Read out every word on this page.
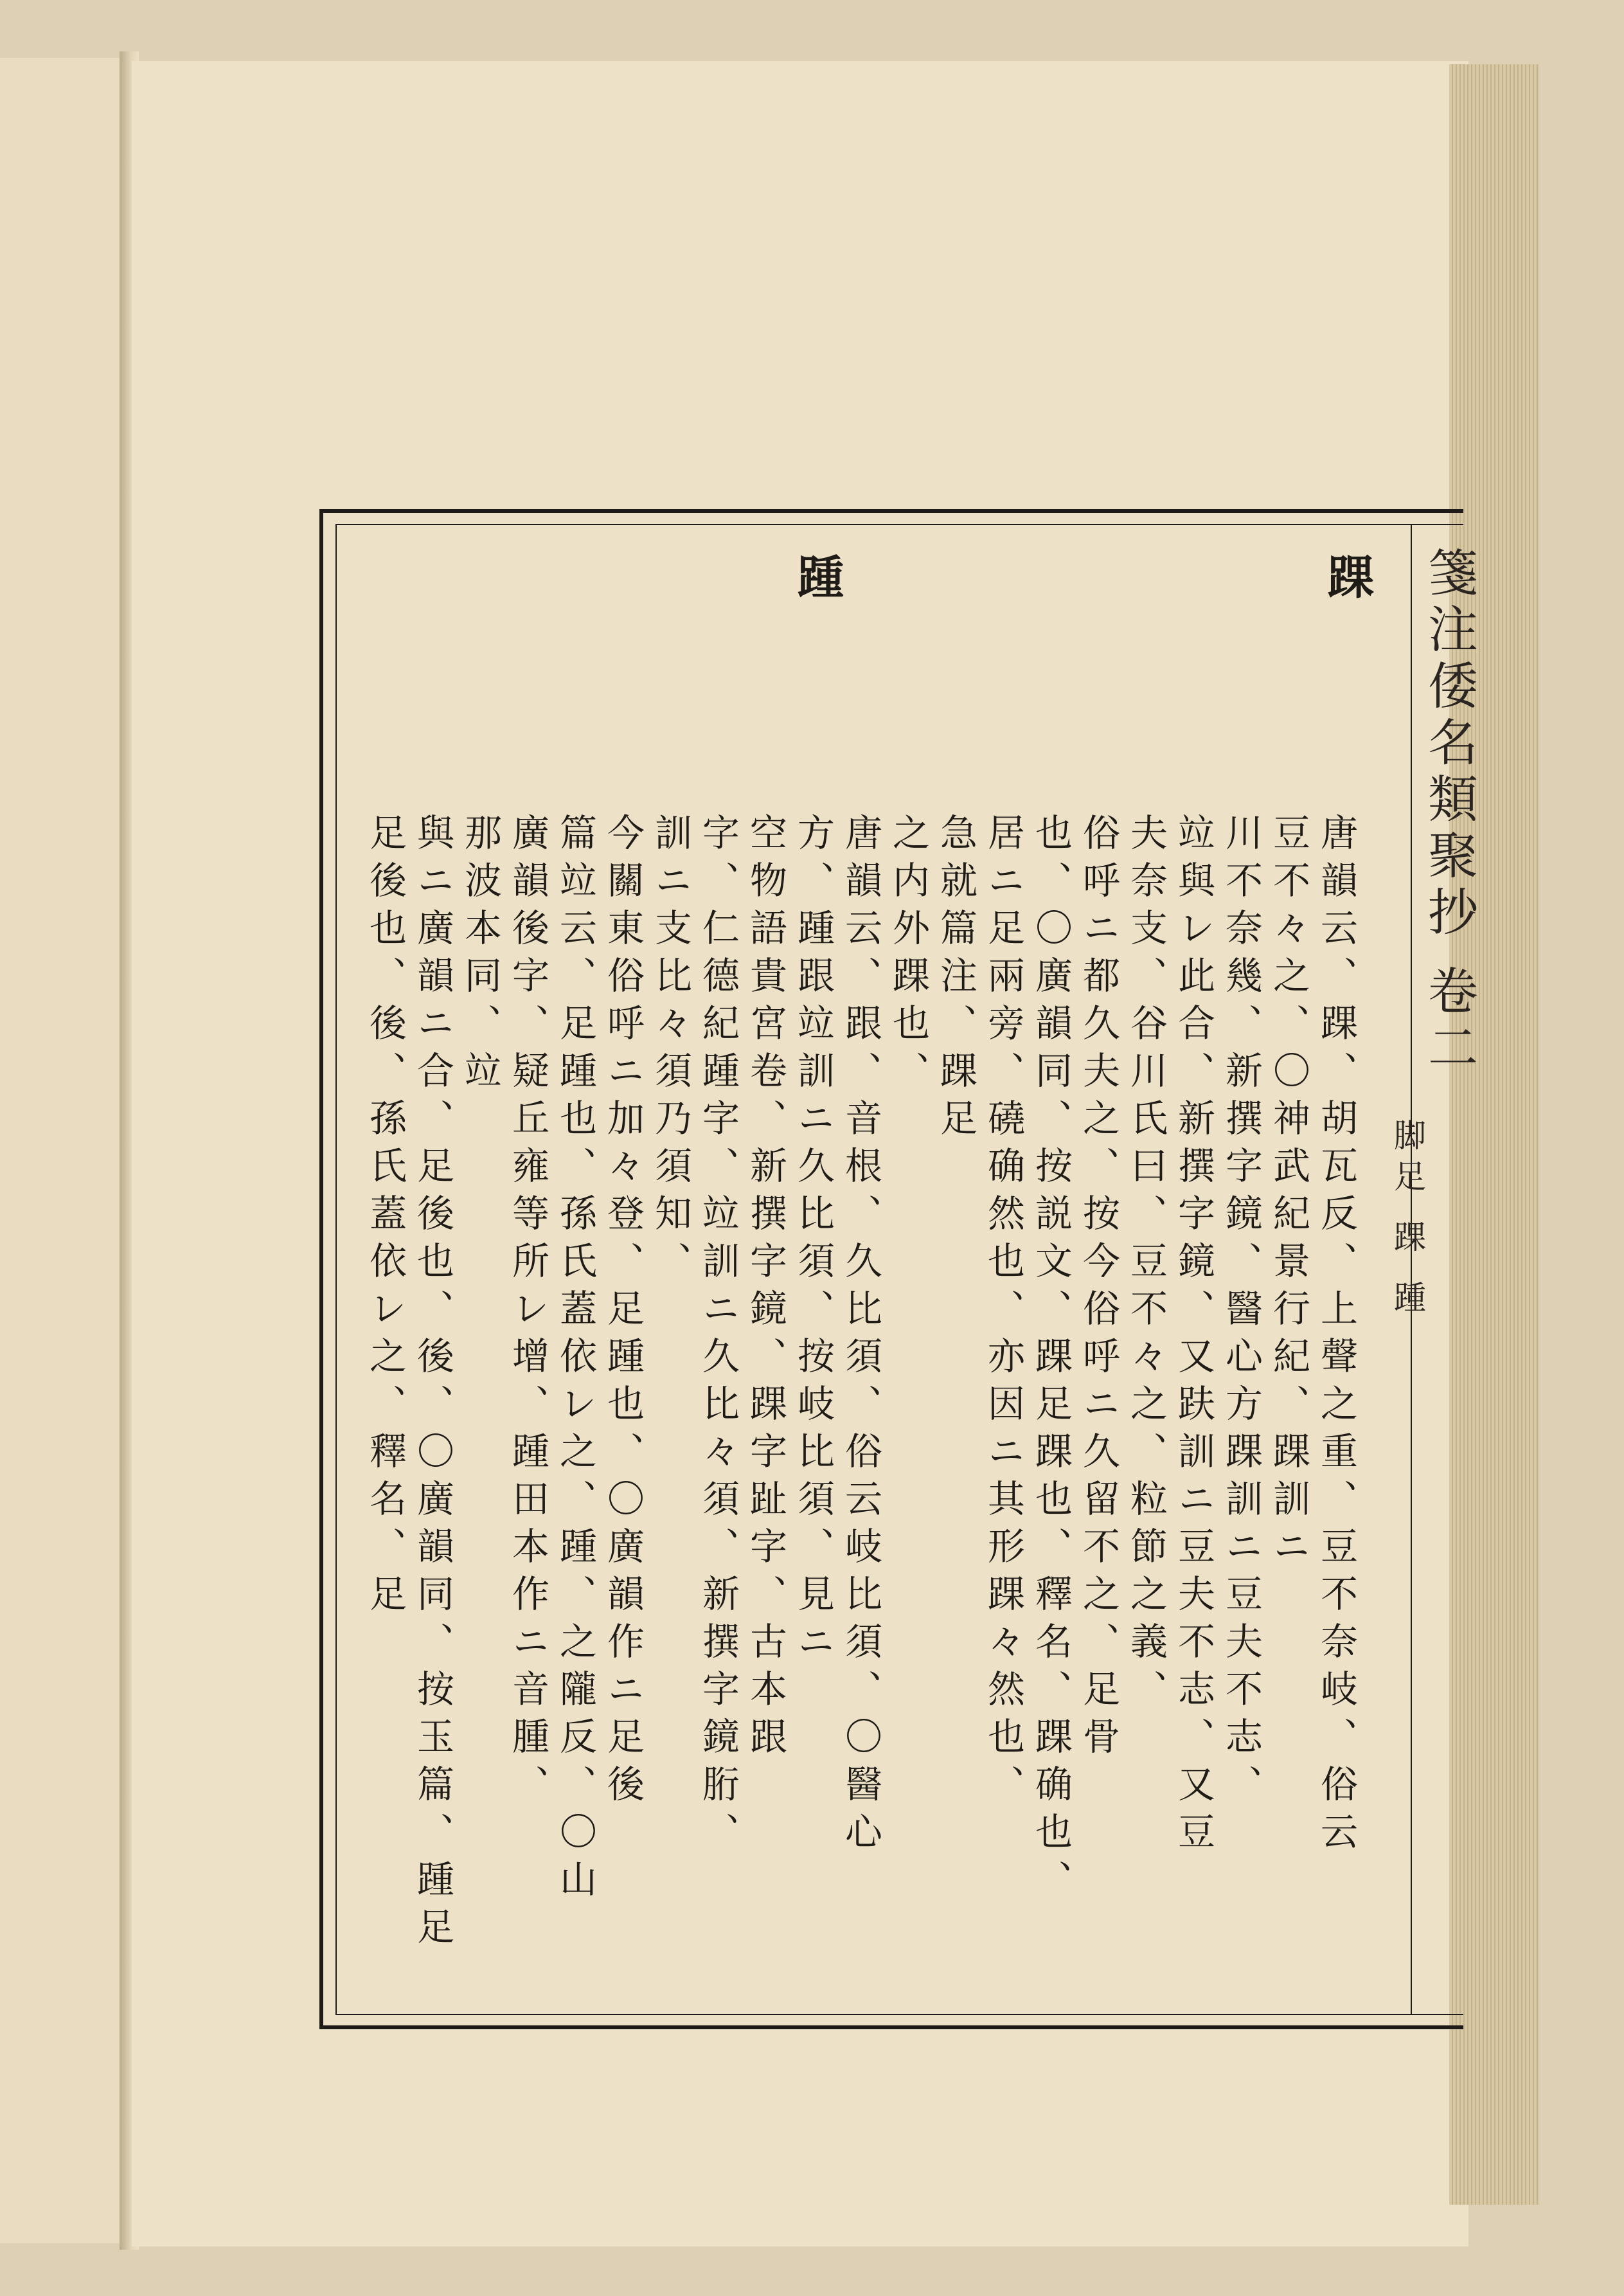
箋注倭名類聚抄 卷二
脚足 踝 踵
踝
踵
唐韻云、踝、胡瓦反、上聲之重、豆不奈岐、俗云
豆不々之、〇神武紀景行紀、踝訓ニ
川不奈幾、新撰字鏡、醫心方踝訓ニ豆夫不志、
竝與レ此合、新撰字鏡、又趺訓ニ豆夫不志、又豆
夫奈支、谷川氏曰、豆不々之、粒節之義、
俗呼ニ都久夫之、按今俗呼ニ久留不之、足骨
也、〇廣韻同、按説文、踝足踝也、釋名、踝确也、
居ニ足兩旁、磽确然也、亦因ニ其形踝々然也、
急就篇注、踝足
之内外踝也、
唐韻云、跟、音根、久比須、俗云岐比須、〇醫心
方、踵跟竝訓ニ久比須、按岐比須、見ニ
空物語貴宮卷、新撰字鏡、踝字趾字、古本跟
字、仁德紀踵字、竝訓ニ久比々須、新撰字鏡胻、
訓ニ支比々須乃須知、
今關東俗呼ニ加々登、足踵也、〇廣韻作ニ足後
篇竝云、足踵也、孫氏蓋依レ之、踵、之隴反、〇山
廣韻後字、疑丘雍等所レ增、踵田本作ニ音腫、
那波本同、竝
與ニ廣韻ニ合、足後也、後、〇廣韻同、按玉篇、踵足
足後也、後、孫氏蓋依レ之、釋名、足
